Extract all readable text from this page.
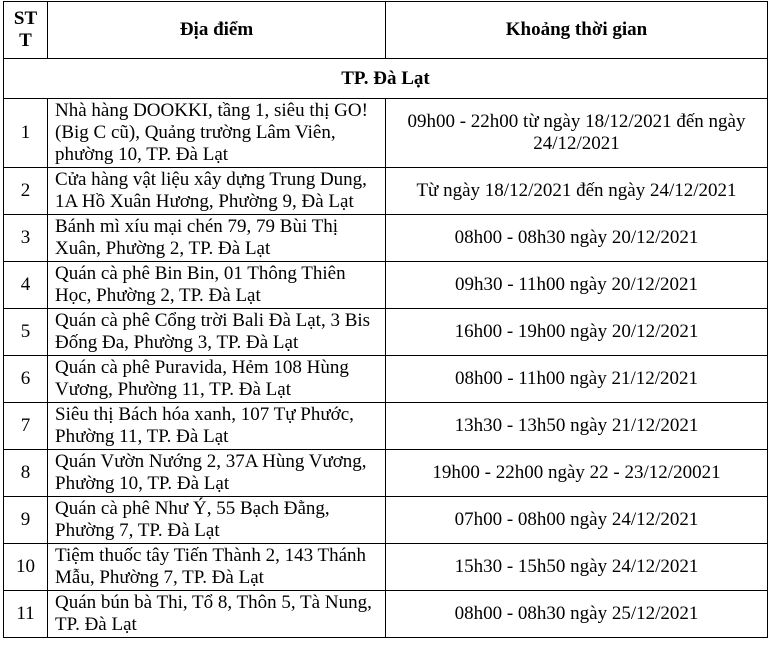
ST T	Địa điểm	Khoảng thời gian
TP. Đà Lạt		
1	Nhà hàng DOOKKI, tầng 1, siêu thị GO! (Big C cũ), Quảng trường Lâm Viên, phường 10, TP. Đà Lạt	09h00 - 22h00 từ ngày 18/12/2021 đến ngày 24/12/2021
2	Cửa hàng vật liệu xây dựng Trung Dung, 1A Hồ Xuân Hương, Phường 9, Đà Lạt	Từ ngày 18/12/2021 đến ngày 24/12/2021
3	Bánh mì xíu mại chén 79, 79 Bùi Thị Xuân, Phường 2, TP. Đà Lạt	08h00 - 08h30 ngày 20/12/2021
4	Quán cà phê Bin Bin, 01 Thông Thiên Học, Phường 2, TP. Đà Lạt	09h30 - 11h00 ngày 20/12/2021
5	Quán cà phê Cổng trời Bali Đà Lạt, 3 Bis Đống Đa, Phường 3, TP. Đà Lạt	16h00 - 19h00 ngày 20/12/2021
6	Quán cà phê Puravida, Hẻm 108 Hùng Vương, Phường 11, TP. Đà Lạt	08h00 - 11h00 ngày 21/12/2021
7	Siêu thị Bách hóa xanh, 107 Tự Phước, Phường 11, TP. Đà Lạt	13h30 - 13h50 ngày 21/12/2021
8	Quán Vườn Nướng 2, 37A Hùng Vương, Phường 10, TP. Đà Lạt	19h00 - 22h00 ngày 22 - 23/12/20021
9	Quán cà phê Như Ý, 55 Bạch Đằng, Phường 7, TP. Đà Lạt	07h00 - 08h00 ngày 24/12/2021
10	Tiệm thuốc tây Tiến Thành 2, 143 Thánh Mẫu, Phường 7, TP. Đà Lạt	15h30 - 15h50 ngày 24/12/2021
11	Quán bún bà Thi, Tổ 8, Thôn 5, Tà Nung, TP. Đà Lạt	08h00 - 08h30 ngày 25/12/2021
